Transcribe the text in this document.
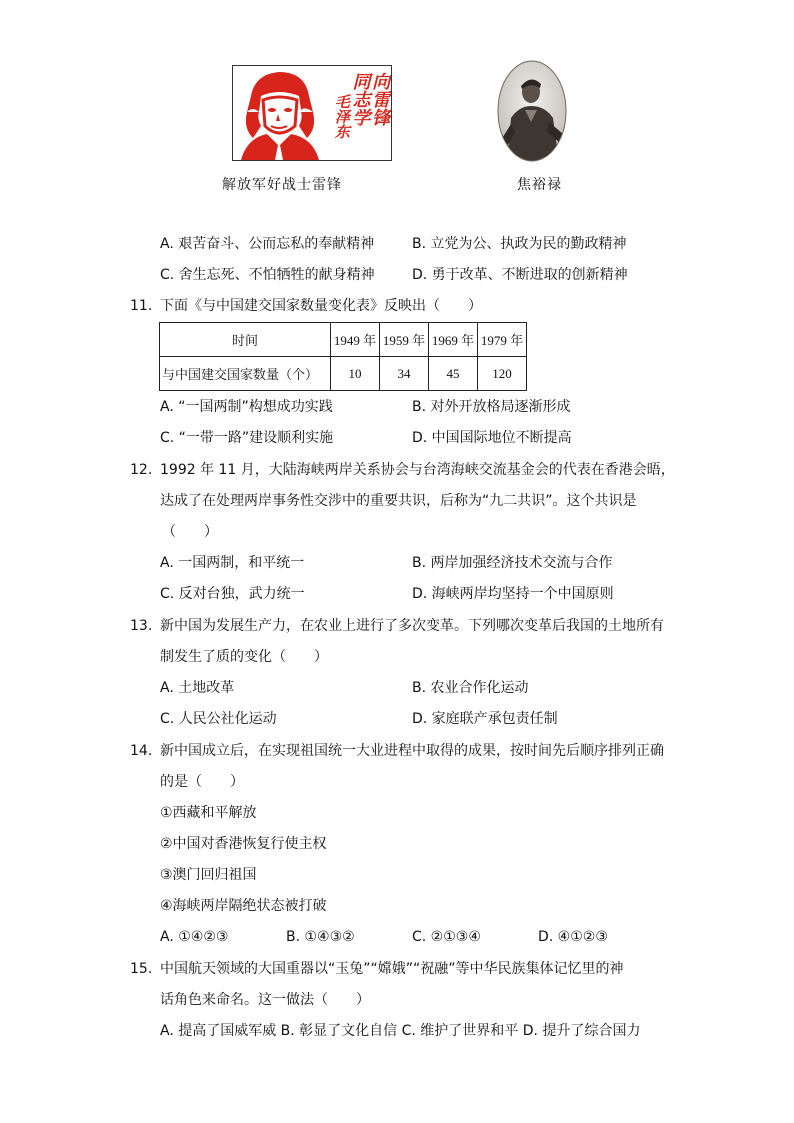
向雷锋
同志学
毛泽东
解放军好战士雷锋	焦裕禄
A. 艰苦奋斗、公而忘私的奉献精神	B. 立党为公、执政为民的勤政精神
C. 舍生忘死、不怕牺牲的献身精神	D. 勇于改革、不断进取的创新精神
11. 下面《与中国建交国家数量变化表》反映出（　　）
时间	1949 年	1959 年	1969 年	1979 年
与中国建交国家数量（个）	10	34	45	120
A. “一国两制”构想成功实践	B. 对外开放格局逐渐形成
C. “一带一路”建设顺利实施	D. 中国国际地位不断提高
12. 1992 年 11 月，大陆海峡两岸关系协会与台湾海峡交流基金会的代表在香港会晤，
达成了在处理两岸事务性交涉中的重要共识，后称为“九二共识”。这个共识是
（　　）
A. 一国两制，和平统一	B. 两岸加强经济技术交流与合作
C. 反对台独，武力统一	D. 海峡两岸均坚持一个中国原则
13. 新中国为发展生产力，在农业上进行了多次变革。下列哪次变革后我国的土地所有
制发生了质的变化（　　）
A. 土地改革	B. 农业合作化运动
C. 人民公社化运动	D. 家庭联产承包责任制
14. 新中国成立后，在实现祖国统一大业进程中取得的成果，按时间先后顺序排列正确
的是（　　）
①西藏和平解放
②中国对香港恢复行使主权
③澳门回归祖国
④海峡两岸隔绝状态被打破
A. ①④②③	B. ①④③②	C. ②①③④	D. ④①②③
15. 中国航天领域的大国重器以“玉兔”“嫦娥”“祝融”等中华民族集体记忆里的神
话角色来命名。这一做法（　　）
A. 提高了国威军威 B. 彰显了文化自信 C. 维护了世界和平 D. 提升了综合国力
